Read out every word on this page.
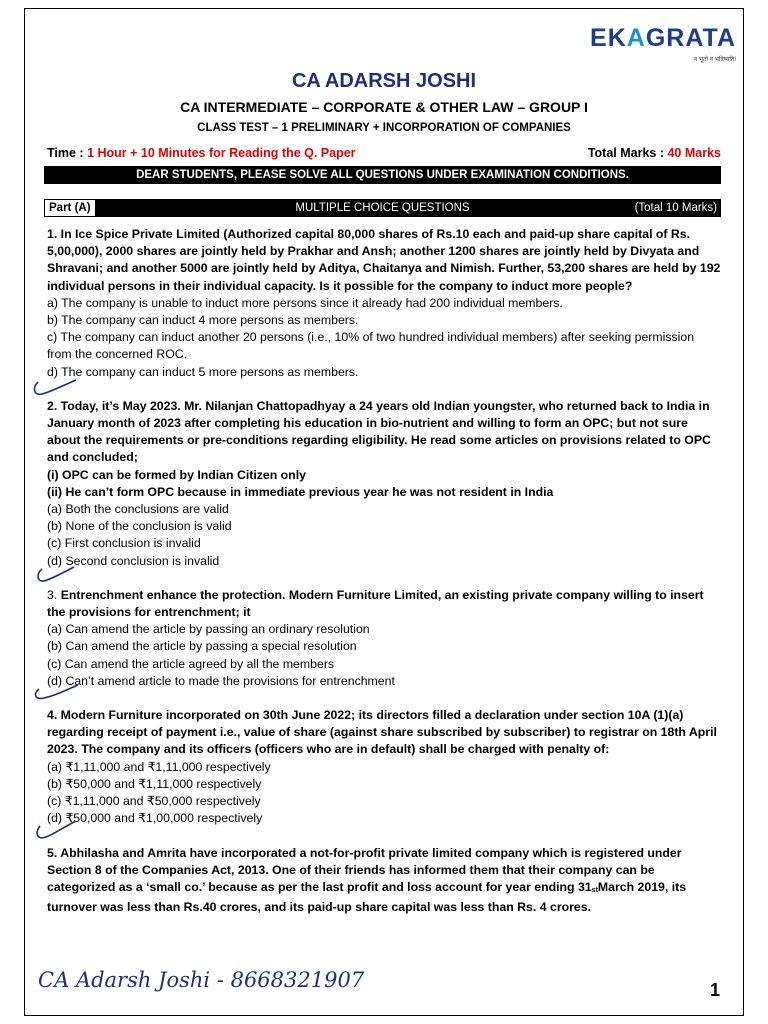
EKAGRATA
न भूतो न भविष्यति!
CA ADARSH JOSHI
CA INTERMEDIATE – CORPORATE & OTHER LAW – GROUP I
CLASS TEST – 1 PRELIMINARY + INCORPORATION OF COMPANIES
Time : 1 Hour + 10 Minutes for Reading the Q. Paper	Total Marks : 40 Marks
DEAR STUDENTS, PLEASE SOLVE ALL QUESTIONS UNDER EXAMINATION CONDITIONS.
MULTIPLE CHOICE QUESTIONS
Part (A)	(Total 10 Marks)
1. In Ice Spice Private Limited (Authorized capital 80,000 shares of Rs.10 each and paid-up share capital of Rs. 5,00,000), 2000 shares are jointly held by Prakhar and Ansh; another 1200 shares are jointly held by Divyata and Shravani; and another 5000 are jointly held by Aditya, Chaitanya and Nimish. Further, 53,200 shares are held by 192 individual persons in their individual capacity. Is it possible for the company to induct more people?
a) The company is unable to induct more persons since it already had 200 individual members.
b) The company can induct 4 more persons as members.
c) The company can induct another 20 persons (i.e., 10% of two hundred individual members) after seeking permission from the concerned ROC.
d) The company can induct 5 more persons as members.
2. Today, it’s May 2023. Mr. Nilanjan Chattopadhyay a 24 years old Indian youngster, who returned back to India in January month of 2023 after completing his education in bio-nutrient and willing to form an OPC; but not sure about the requirements or pre-conditions regarding eligibility. He read some articles on provisions related to OPC and concluded;
(i) OPC can be formed by Indian Citizen only
(ii) He can’t form OPC because in immediate previous year he was not resident in India
(a) Both the conclusions are valid
(b) None of the conclusion is valid
(c) First conclusion is invalid
(d) Second conclusion is invalid
3. Entrenchment enhance the protection. Modern Furniture Limited, an existing private company willing to insert the provisions for entrenchment; it
(a) Can amend the article by passing an ordinary resolution
(b) Can amend the article by passing a special resolution
(c) Can amend the article agreed by all the members
(d) Can’t amend article to made the provisions for entrenchment
4. Modern Furniture incorporated on 30th June 2022; its directors filled a declaration under section 10A (1)(a) regarding receipt of payment i.e., value of share (against share subscribed by subscriber) to registrar on 18th April 2023. The company and its officers (officers who are in default) shall be charged with penalty of:
(a) ₹1,11,000 and ₹1,11,000 respectively
(b) ₹50,000 and ₹1,11,000 respectively
(c) ₹1,11,000 and ₹50,000 respectively
(d) ₹50,000 and ₹1,00,000 respectively
5. Abhilasha and Amrita have incorporated a not-for-profit private limited company which is registered under Section 8 of the Companies Act, 2013. One of their friends has informed them that their company can be categorized as a ‘small co.’ because as per the last profit and loss account for year ending 31stMarch 2019, its turnover was less than Rs.40 crores, and its paid-up share capital was less than Rs. 4 crores.
CA Adarsh Joshi - 8668321907	1
